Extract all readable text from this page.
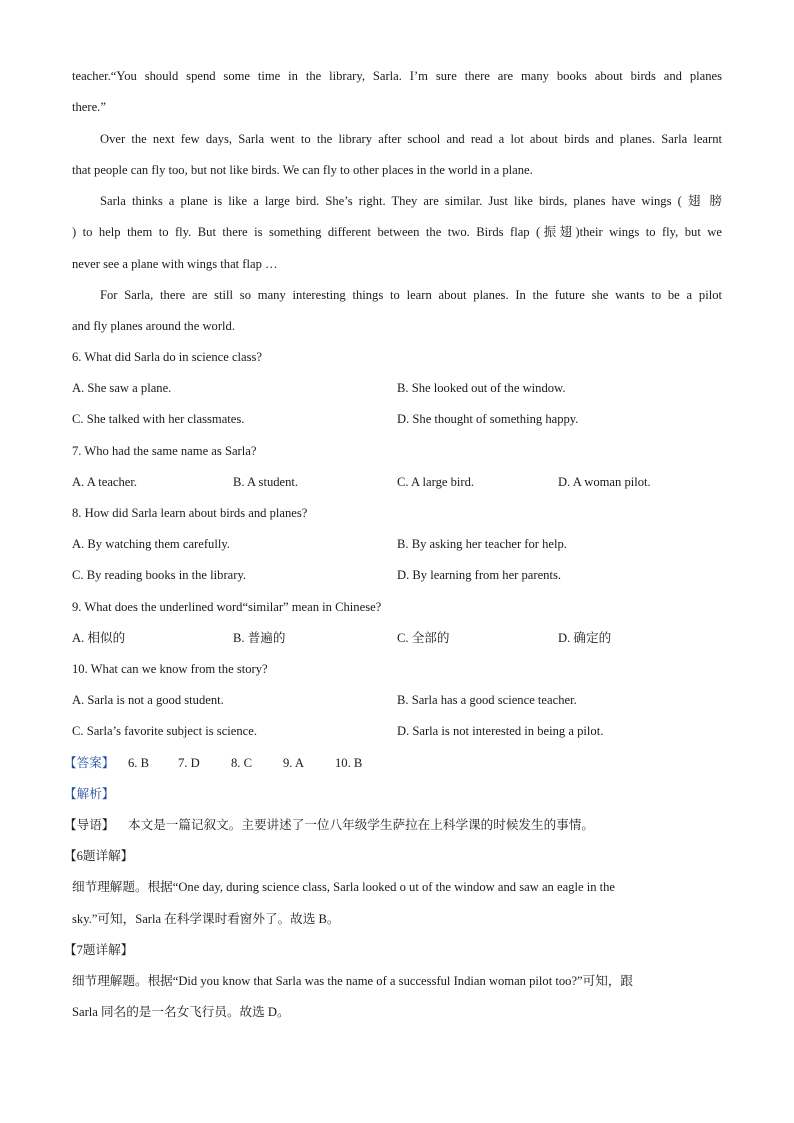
teacher.“You should spend some time in the library, Sarla. I’m sure there are many books about birds and planes
there.”
Over the next few days, Sarla went to the library after school and read a lot about birds and planes. Sarla learnt
that people can fly too, but not like birds. We can fly to other places in the world in a plane.
Sarla thinks a plane is like a large bird. She’s right. They are similar. Just like birds, planes have wings ( 翅 膀
) to help them to fly. But there is something different between the two. Birds flap (振翅)their wings to fly, but we
never see a plane with wings that flap …
For Sarla, there are still so many interesting things to learn about planes. In the future she wants to be a pilot
and fly planes around the world.
6. What did Sarla do in science class?
A. She saw a plane.	B. She looked out of the window.
C. She talked with her classmates.	D. She thought of something happy.
7. Who had the same name as Sarla?
A. A teacher.	B. A student.	C. A large bird.	D. A woman pilot.
8. How did Sarla learn about birds and planes?
A. By watching them carefully.	B. By asking her teacher for help.
C. By reading books in the library.	D. By learning from her parents.
9. What does the underlined word“similar” mean in Chinese?
A. 相似的	B. 普遍的	C. 全部的	D. 确定的
10. What can we know from the story?
A. Sarla is not a good student.	B. Sarla has a good science teacher.
C. Sarla’s favorite subject is science.	D. Sarla is not interested in being a pilot.
【答案】 6. B 7. D 8. C 9. A 10. B
【解析】
【导语】 本文是一篇记叙文。主要讲述了一位八年级学生萨拉在上科学课的时候发生的事情。
【6题详解】
细节理解题。根据“One day, during science class, Sarla looked o ut of the window and saw an eagle in the
sky.”可知，Sarla 在科学课时看窗外了。故选 B。
【7题详解】
细节理解题。根据“Did you know that Sarla was the name of a successful Indian woman pilot too?”可知，跟
Sarla 同名的是一名女飞行员。故选 D。
